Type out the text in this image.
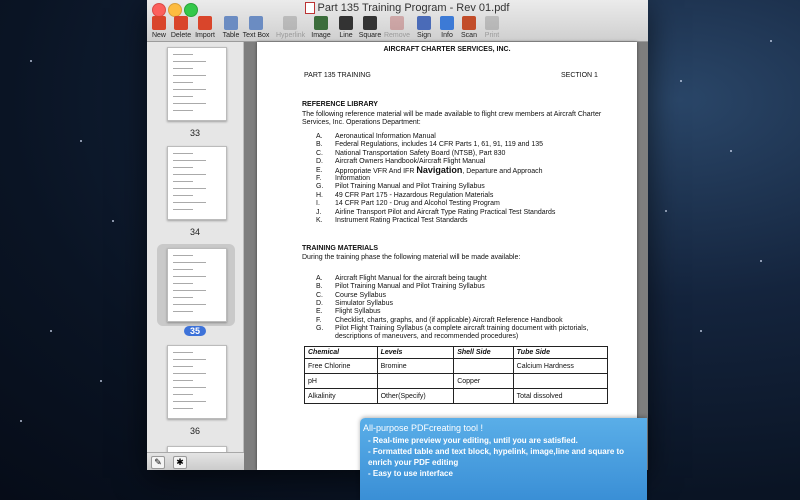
Part 135 Training Program - Rev 01.pdf
New Delete Import	Table Text Box Hyperlink Image	Line Square Remove Sign	Info	Scan	Print
33
34
35
36
✎	✱
AIRCRAFT CHARTER SERVICES, INC.
PART 135 TRAINING	SECTION 1
REFERENCE LIBRARY
The following reference material will be made available to flight crew members at Aircraft Charter
Services, Inc. Operations Department:
A. Aeronautical Information Manual
B. Federal Regulations, includes 14 CFR Parts 1, 61, 91, 119 and 135
C. National Transportation Safety Board (NTSB), Part 830
D. Aircraft Owners Handbook/Aircraft Flight Manual
E. Appropriate VFR And IFR Navigation, Departure and Approach
F. Information
G. Pilot Training Manual and Pilot Training Syllabus
H. 49 CFR Part 175 - Hazardous Regulation Materials
I. 14 CFR Part 120 - Drug and Alcohol Testing Program
J. Airline Transport Pilot and Aircraft Type Rating Practical Test Standards
K. Instrument Rating Practical Test Standards
TRAINING MATERIALS
During the training phase the following material will be made available:
A. Aircraft Flight Manual for the aircraft being taught
B. Pilot Training Manual and Pilot Training Syllabus
C. Course Syllabus
D. Simulator Syllabus
E. Flight Syllabus
F. Checklist, charts, graphs, and (if applicable) Aircraft Reference Handbook
G. Pilot Flight Training Syllabus (a complete aircraft training document with pictorials,
descriptions of maneuvers, and recommended procedures)
Chemical	Levels	Shell Side	Tube Side
Free Chlorine	Bromine		Calcium Hardness
pH		Copper	
Alkalinity	Other(Specify)		Total dissolved
All-purpose PDFcreating tool !
- Real-time preview your editing, until you are satisfied.
- Formatted table and text block, hypelink, image,line and square to
enrich your PDF editing
- Easy to use interface
